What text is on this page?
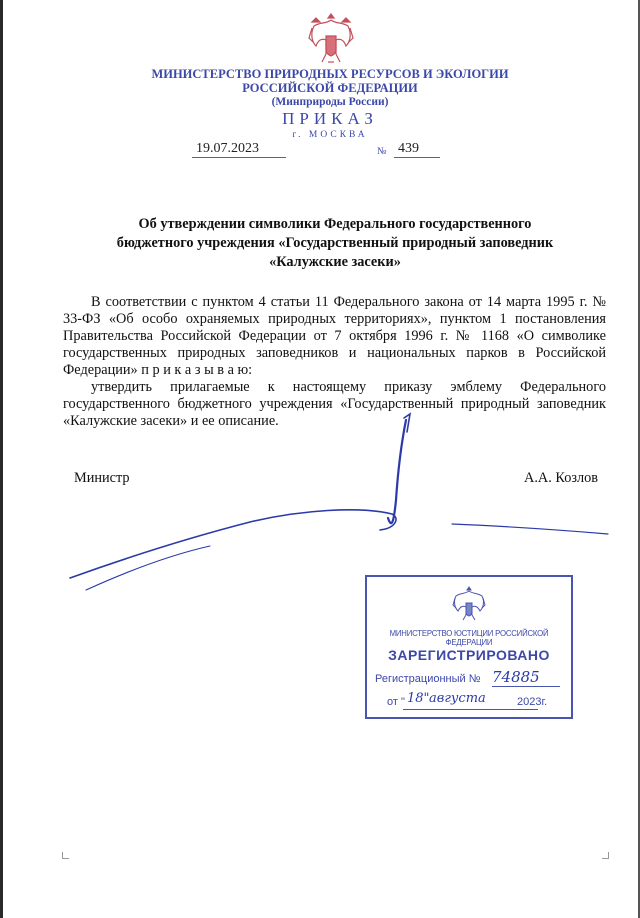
МИНИСТЕРСТВО ПРИРОДНЫХ РЕСУРСОВ И ЭКОЛОГИИ
РОССИЙСКОЙ ФЕДЕРАЦИИ
(Минприроды России)
ПРИКАЗ
г. МОСКВА
19.07.2023	№ 439
Об утверждении символики Федерального государственного
бюджетного учреждения «Государственный природный заповедник
«Калужские засеки»

В соответствии с пунктом 4 статьи 11 Федерального закона от 14 марта 1995 г. № 33-ФЗ «Об особо охраняемых природных территориях», пунктом 1 постановления Правительства Российской Федерации от 7 октября 1996 г. № 1168 «О символике государственных природных заповедников и национальных парков в Российской Федерации» п р и к а з ы в а ю:

утвердить прилагаемые к настоящему приказу эмблему Федерального государственного бюджетного учреждения «Государственный природный заповедник «Калужские засеки» и ее описание.

Министр	А.А. Козлов
МИНИСТЕРСТВО ЮСТИЦИИ РОССИЙСКОЙ ФЕДЕРАЦИИ
ЗАРЕГИСТРИРОВАНО
Регистрационный № 74885
от " 18" августа	2023г.
